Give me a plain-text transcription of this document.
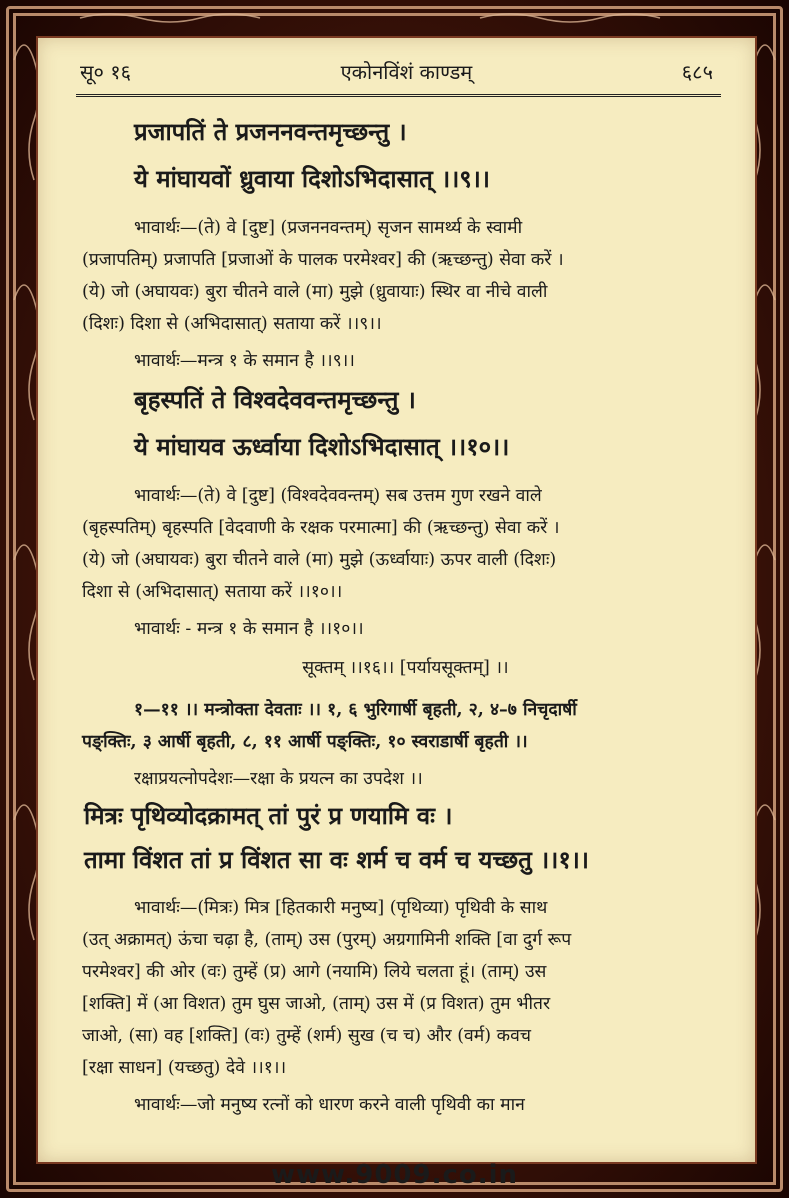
सू० १६	एकोनविंशं काण्डम्	६८५
प्रजापतिं ते प्रजननवन्तमृच्छन्तु ।
ये मांघायवों ध्रुवाया दिशोऽभिदासात् ।।९।।
भावार्थः—(ते) वे [दुष्ट] (प्रजननवन्तम्) सृजन सामर्थ्य के स्वामी
(प्रजापतिम्) प्रजापति [प्रजाओं के पालक परमेश्वर] की (ऋच्छन्तु) सेवा करें ।
(ये) जो (अघायवः) बुरा चीतने वाले (मा) मुझे (ध्रुवायाः) स्थिर वा नीचे वाली
(दिशः) दिशा से (अभिदासात्) सताया करें ।।९।।
भावार्थः—मन्त्र १ के समान है ।।९।।
बृहस्पतिं ते विश्वदेववन्तमृच्छन्तु ।
ये मांघायव ऊर्ध्वाया दिशोऽभिदासात् ।।१०।।
भावार्थः—(ते) वे [दुष्ट] (विश्वदेववन्तम्) सब उत्तम गुण रखने वाले
(बृहस्पतिम्) बृहस्पति [वेदवाणी के रक्षक परमात्मा] की (ऋच्छन्तु) सेवा करें ।
(ये) जो (अघायवः) बुरा चीतने वाले (मा) मुझे (ऊर्ध्वायाः) ऊपर वाली (दिशः)
दिशा से (अभिदासात्) सताया करें ।।१०।।
भावार्थः - मन्त्र १ के समान है ।।१०।।
सूक्तम् ।।१६।। [पर्यायसूक्तम्] ।।
१—११ ।। मन्त्रोक्ता देवताः ।। १, ६ भुरिगार्षी बृहती, २, ४–७ निचृदार्षी
पङ्क्तिः, ३ आर्षी बृहती, ८, ११ आर्षी पङ्क्तिः, १० स्वराडार्षी बृहती ।।
रक्षाप्रयत्नोपदेशः—रक्षा के प्रयत्न का उपदेश ।।
मित्रः पृथिव्योदक्रामत् तां पुरं प्र णयामि वः ।
तामा विंशत तां प्र विंशत सा वः शर्म च वर्म च यच्छतु ।।१।।
भावार्थः—(मित्रः) मित्र [हितकारी मनुष्य] (पृथिव्या) पृथिवी के साथ
(उत् अक्रामत्) ऊंचा चढ़ा है, (ताम्) उस (पुरम्) अग्रगामिनी शक्ति [वा दुर्ग रूप
परमेश्वर] की ओर (वः) तुम्हें (प्र) आगे (नयामि) लिये चलता हूं। (ताम्) उस
[शक्ति] में (आ विशत) तुम घुस जाओ, (ताम्) उस में (प्र विशत) तुम भीतर
जाओ, (सा) वह [शक्ति] (वः) तुम्हें (शर्म) सुख (च च) और (वर्म) कवच
[रक्षा साधन] (यच्छतु) देवे ।।१।।
भावार्थः—जो मनुष्य रत्नों को धारण करने वाली पृथिवी का मान
www.9009.co.in
